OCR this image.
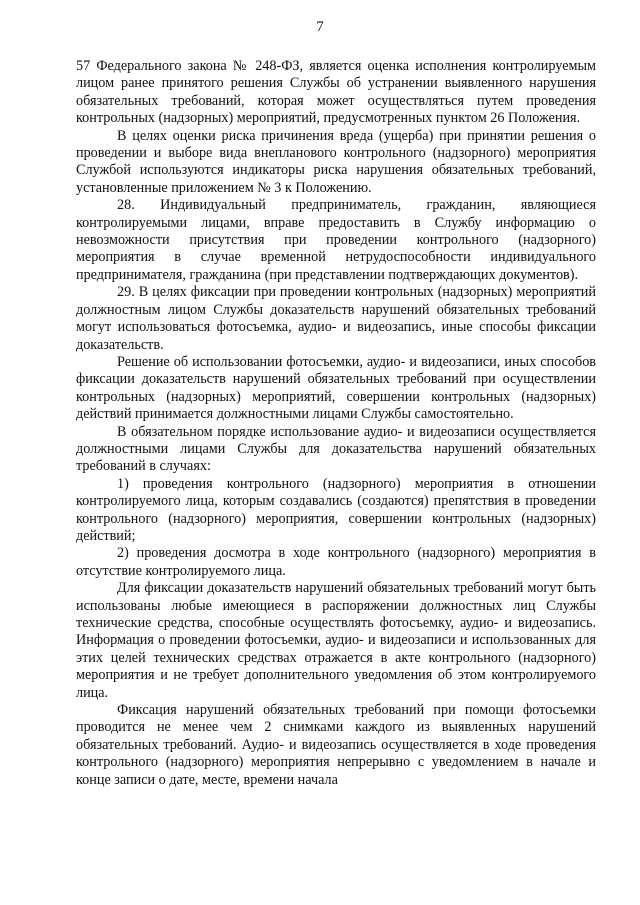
7

57 Федерального закона № 248-ФЗ, является оценка исполнения контролируемым лицом ранее принятого решения Службы об устранении выявленного нарушения обязательных требований, которая может осуществляться путем проведения контрольных (надзорных) мероприятий, предусмотренных пунктом 26 Положения.

В целях оценки риска причинения вреда (ущерба) при принятии решения о проведении и выборе вида внепланового контрольного (надзорного) мероприятия Службой используются индикаторы риска нарушения обязательных требований, установленные приложением № 3 к Положению.

28. Индивидуальный предприниматель, гражданин, являющиеся контролируемыми лицами, вправе предоставить в Службу информацию о невозможности присутствия при проведении контрольного (надзорного) мероприятия в случае временной нетрудоспособности индивидуального предпринимателя, гражданина (при представлении подтверждающих документов).

29. В целях фиксации при проведении контрольных (надзорных) мероприятий должностным лицом Службы доказательств нарушений обязательных требований могут использоваться фотосъемка, аудио- и видеозапись, иные способы фиксации доказательств.

Решение об использовании фотосъемки, аудио- и видеозаписи, иных способов фиксации доказательств нарушений обязательных требований при осуществлении контрольных (надзорных) мероприятий, совершении контрольных (надзорных) действий принимается должностными лицами Службы самостоятельно.

В обязательном порядке использование аудио- и видеозаписи осуществляется должностными лицами Службы для доказательства нарушений обязательных требований в случаях:

1) проведения контрольного (надзорного) мероприятия в отношении контролируемого лица, которым создавались (создаются) препятствия в проведении контрольного (надзорного) мероприятия, совершении контрольных (надзорных) действий;

2) проведения досмотра в ходе контрольного (надзорного) мероприятия в отсутствие контролируемого лица.

Для фиксации доказательств нарушений обязательных требований могут быть использованы любые имеющиеся в распоряжении должностных лиц Службы технические средства, способные осуществлять фотосъемку, аудио- и видеозапись. Информация о проведении фотосъемки, аудио- и видеозаписи и использованных для этих целей технических средствах отражается в акте контрольного (надзорного) мероприятия и не требует дополнительного уведомления об этом контролируемого лица.

Фиксация нарушений обязательных требований при помощи фотосъемки проводится не менее чем 2 снимками каждого из выявленных нарушений обязательных требований. Аудио- и видеозапись осуществляется в ходе проведения контрольного (надзорного) мероприятия непрерывно с уведомлением в начале и конце записи о дате, месте, времени начала
